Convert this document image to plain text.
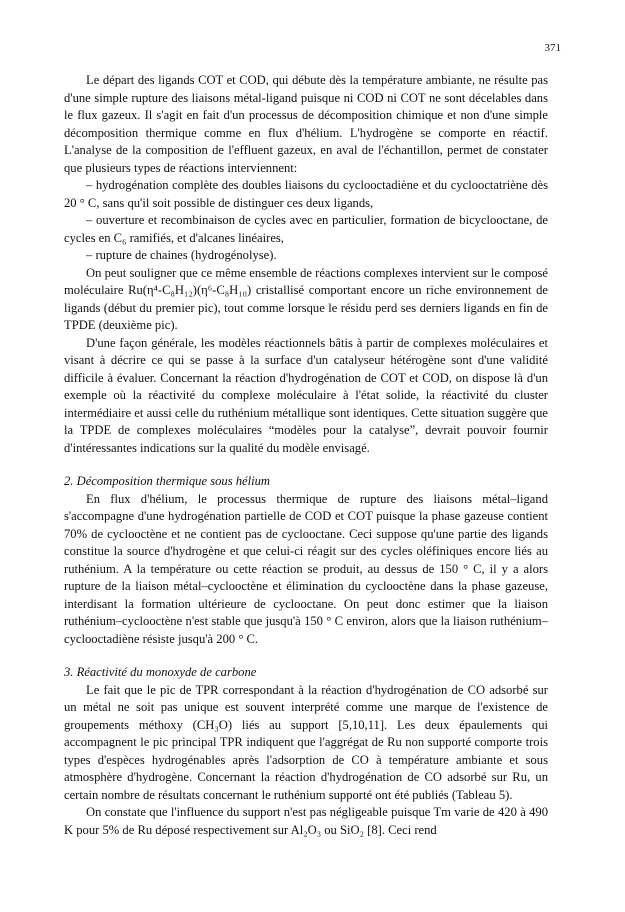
371

Le départ des ligands COT et COD, qui débute dès la température ambiante, ne résulte pas d'une simple rupture des liaisons métal-ligand puisque ni COD ni COT ne sont décelables dans le flux gazeux. Il s'agit en fait d'un processus de décomposition chimique et non d'une simple décomposition thermique comme en flux d'hélium. L'hydrogène se comporte en réactif. L'analyse de la composition de l'effluent gazeux, en aval de l'échantillon, permet de constater que plusieurs types de réactions interviennent:

– hydrogénation complète des doubles liaisons du cyclooctadiène et du cyclooctatriène dès 20 ° C, sans qu'il soit possible de distinguer ces deux ligands,

– ouverture et recombinaison de cycles avec en particulier, formation de bicyclooctane, de cycles en C₆ ramifiés, et d'alcanes linéaires,

– rupture de chaines (hydrogénolyse).

On peut souligner que ce même ensemble de réactions complexes intervient sur le composé moléculaire Ru(η⁴-C₈H₁₂)(η⁶-C₈H₁₀) cristallisé comportant encore un riche environnement de ligands (début du premier pic), tout comme lorsque le résidu perd ses derniers ligands en fin de TPDE (deuxième pic).

D'une façon générale, les modèles réactionnels bâtis à partir de complexes moléculaires et visant à décrire ce qui se passe à la surface d'un catalyseur hétérogène sont d'une validité difficile à évaluer. Concernant la réaction d'hydrogénation de COT et COD, on dispose là d'un exemple où la réactivité du complexe moléculaire à l'état solide, la réactivité du cluster intermédiaire et aussi celle du ruthénium métallique sont identiques. Cette situation suggère que la TPDE de complexes moléculaires “modèles pour la catalyse”, devrait pouvoir fournir d'intéressantes indications sur la qualité du modèle envisagé.

2. Décomposition thermique sous hélium

En flux d'hélium, le processus thermique de rupture des liaisons métal–ligand s'accompagne d'une hydrogénation partielle de COD et COT puisque la phase gazeuse contient 70% de cyclooctène et ne contient pas de cyclooctane. Ceci suppose qu'une partie des ligands constitue la source d'hydrogène et que celui-ci réagit sur des cycles oléfiniques encore liés au ruthénium. A la température ou cette réaction se produit, au dessus de 150 ° C, il y a alors rupture de la liaison métal–cyclooctène et élimination du cyclooctène dans la phase gazeuse, interdisant la formation ultérieure de cyclooctane. On peut donc estimer que la liaison ruthénium–cyclooctène n'est stable que jusqu'à 150 ° C environ, alors que la liaison ruthénium–cyclooctadiène résiste jusqu'à 200 ° C.

3. Réactivité du monoxyde de carbone

Le fait que le pic de TPR correspondant à la réaction d'hydrogénation de CO adsorbé sur un métal ne soit pas unique est souvent interprété comme une marque de l'existence de groupements méthoxy (CH₃O) liés au support [5,10,11]. Les deux épaulements qui accompagnent le pic principal TPR indiquent que l'aggrégat de Ru non supporté comporte trois types d'espèces hydrogénables après l'adsorption de CO à température ambiante et sous atmosphère d'hydrogène. Concernant la réaction d'hydrogénation de CO adsorbé sur Ru, un certain nombre de résultats concernant le ruthénium supporté ont été publiés (Tableau 5).

On constate que l'influence du support n'est pas négligeable puisque Tm varie de 420 à 490 K pour 5% de Ru déposé respectivement sur Al₂O₃ ou SiO₂ [8]. Ceci rend
